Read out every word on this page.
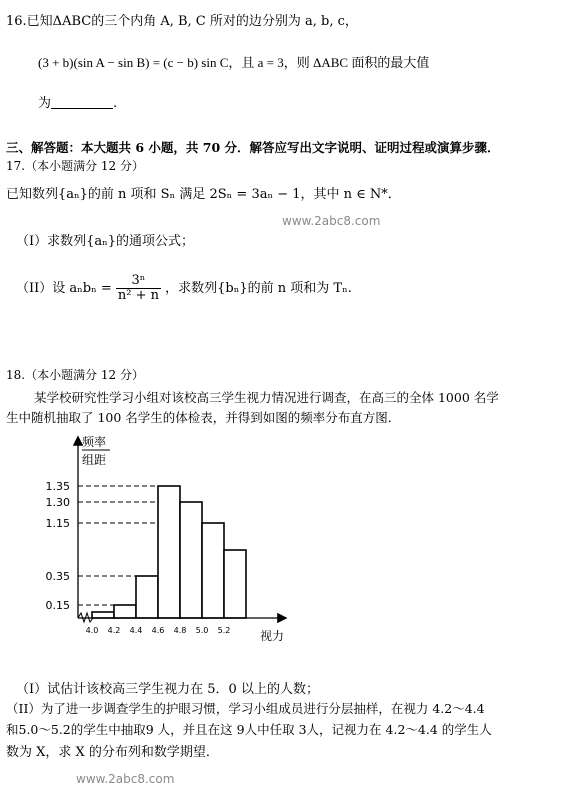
16.已知ΔABC的三个内角 A, B, C 所对的边分别为 a, b, c，
(3 + b)(sin A − sin B) = (c − b) sin C，且 a = 3，则 ΔABC 面积的最大值
为	.
三、解答题：本大题共 6 小题，共 70 分．解答应写出文字说明、证明过程或演算步骤．
17.（本小题满分 12 分）
已知数列{aₙ}的前 n 项和 Sₙ 满足 2Sₙ = 3aₙ − 1，其中 n ∈ N*．
www.2abc8.com
（I）求数列{aₙ}的通项公式；
（II）设 $a_nb_n = \frac{\text{3ⁿ}}{\text{n² + n}}$ ，求数列{bₙ}的前 n 项和为 Tₙ.
18.（本小题满分 12 分）
某学校研究性学习小组对该校高三学生视力情况进行调查，在高三的全体 1000 名学
生中随机抽取了 100 名学生的体检表，并得到如图的频率分布直方图．
1.35
1.30
1.15
0.35
0.15
4.0 4.2 4.4 4.6 4.8 5.0 5.2
频率
组距
视力
（I）试估计该校高三学生视力在 5．0 以上的人数；
（II）为了进一步调查学生的护眼习惯，学习小组成员进行分层抽样，在视力 4.2～4.4
和5.0～5.2的学生中抽取9 人，并且在这 9人中任取 3人，记视力在 4.2～4.4 的学生人
数为 X，求 X 的分布列和数学期望．
www.2abc8.com
